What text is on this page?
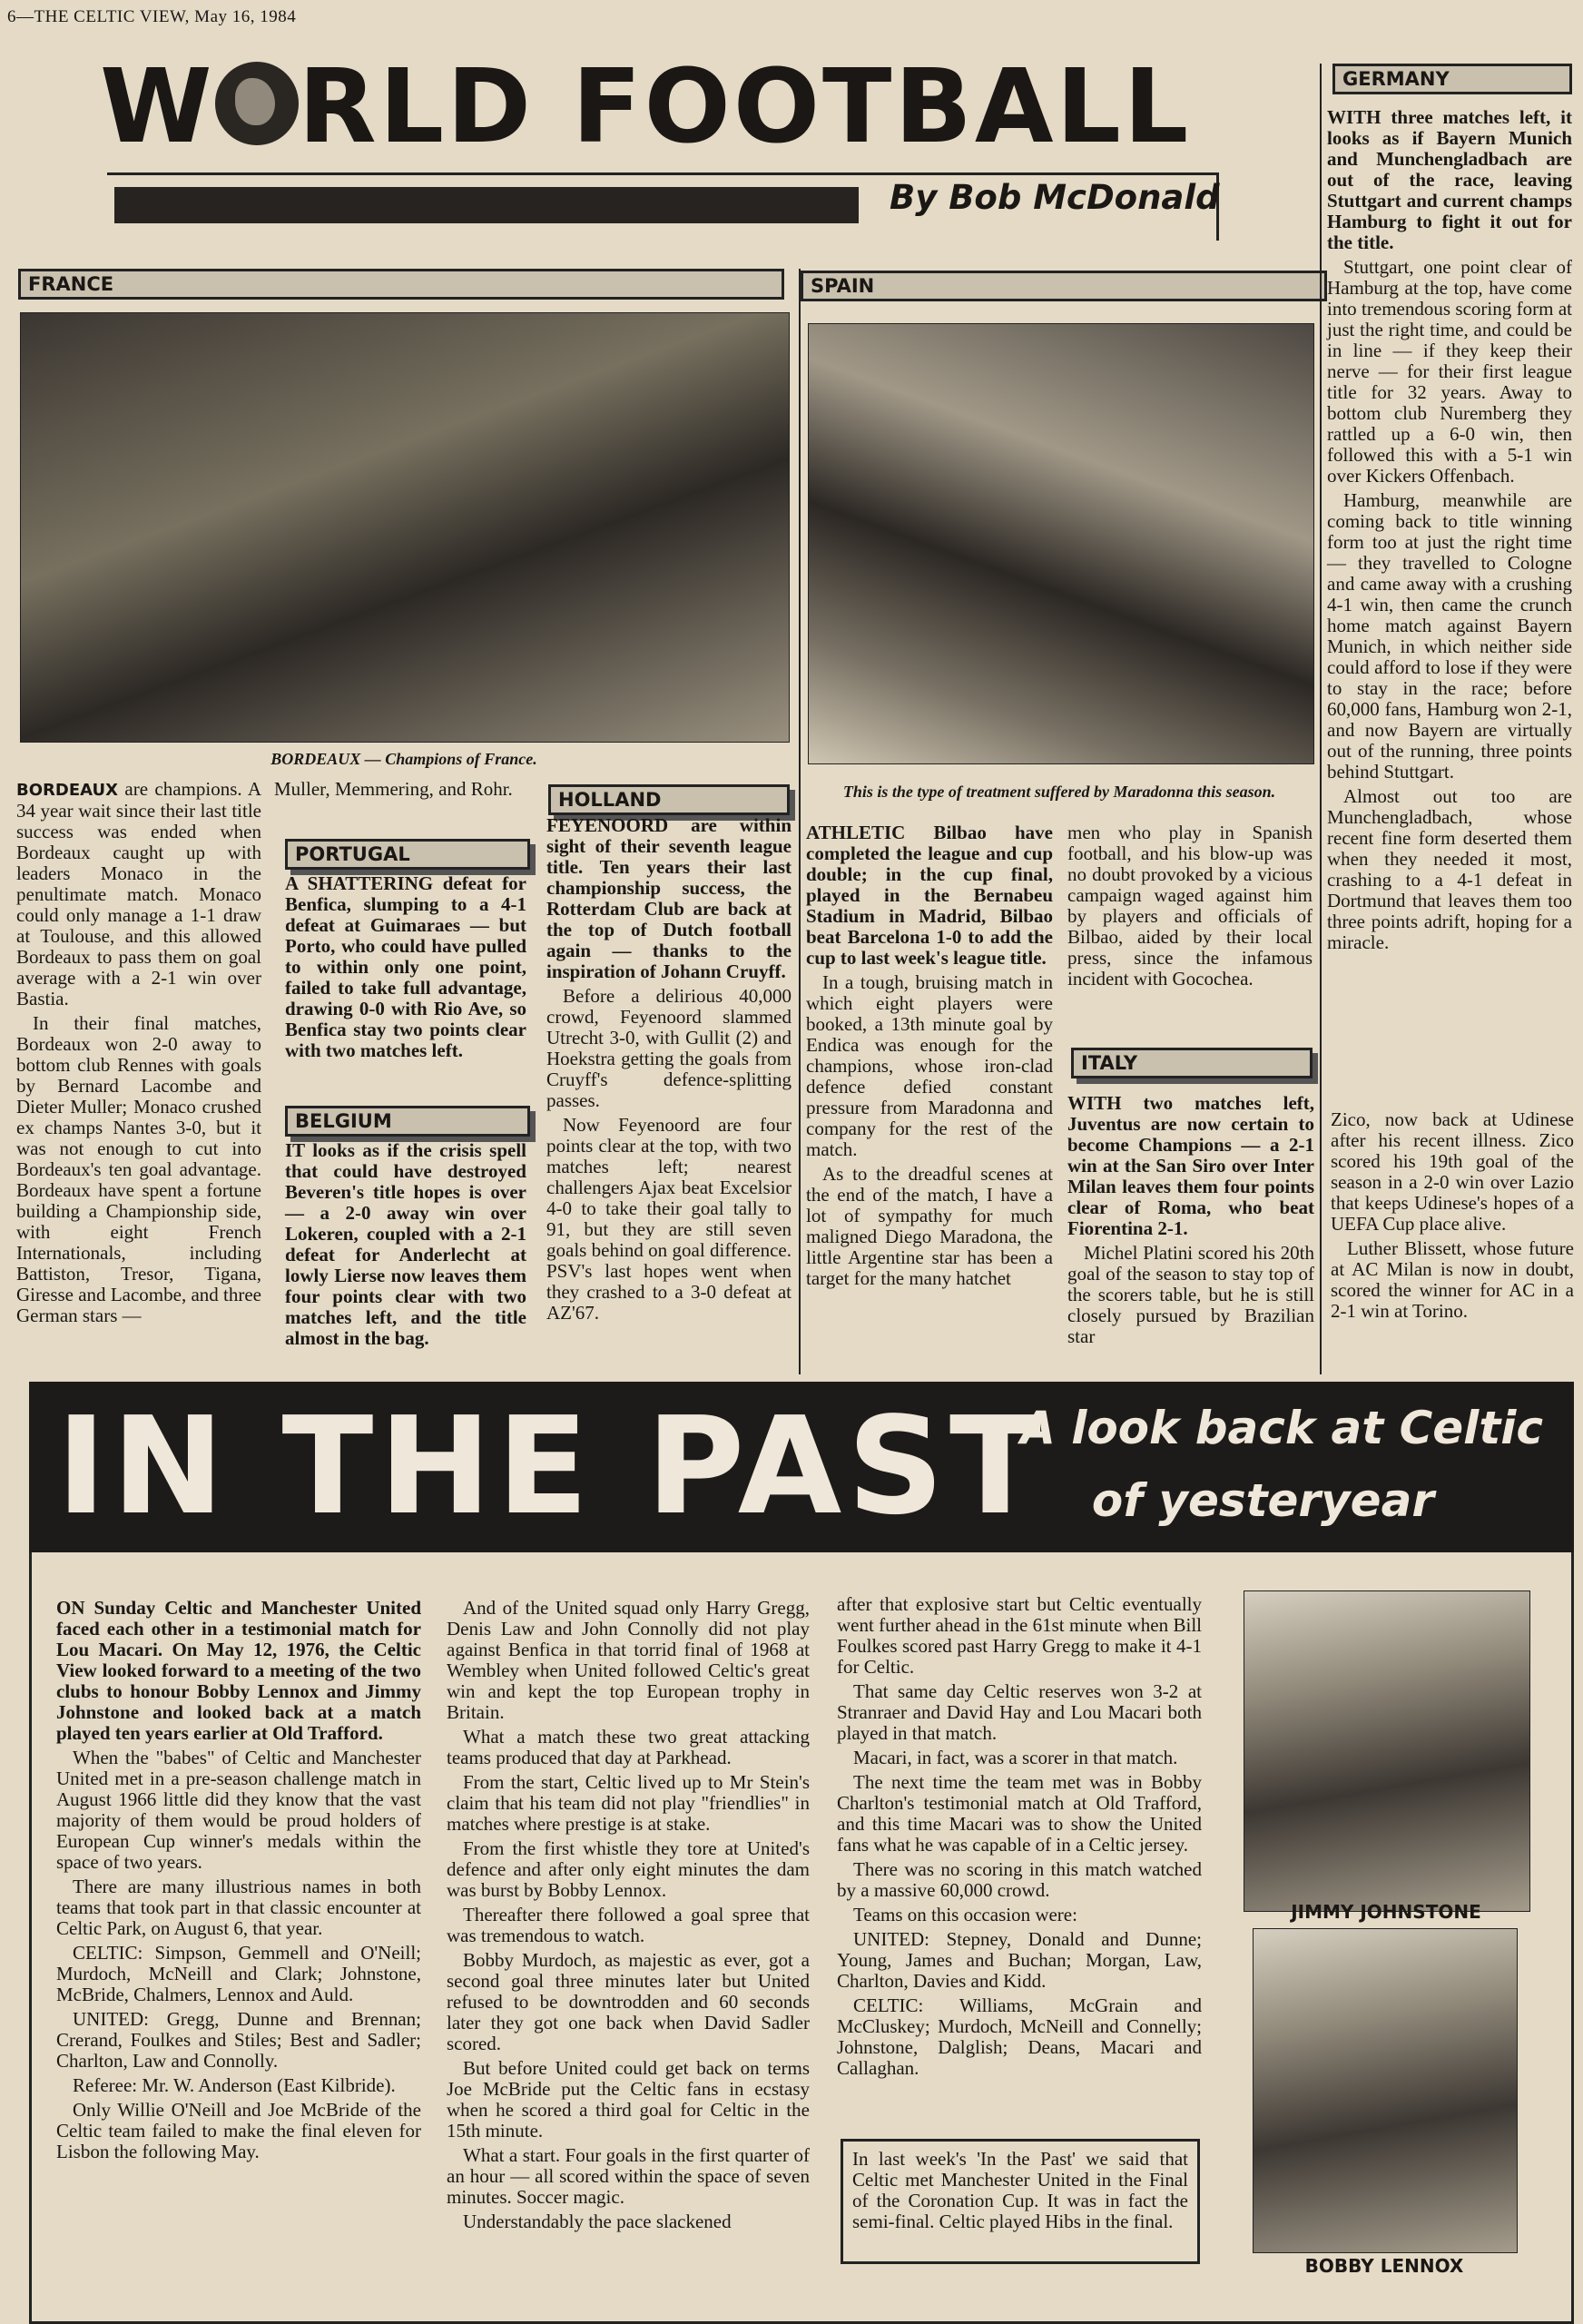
6—THE CELTIC VIEW, May 16, 1984
W RLD FOOTBALL
By Bob McDonald
FRANCE
BORDEAUX — Champions of France.

BORDEAUX are champions. A 34 year wait since their last title success was ended when Bordeaux caught up with leaders Monaco in the penultimate match. Monaco could only manage a 1-1 draw at Toulouse, and this allowed Bordeaux to pass them on goal average with a 2-1 win over Bastia.

In their final matches, Bordeaux won 2-0 away to bottom club Rennes with goals by Bernard Lacombe and Dieter Muller; Monaco crushed ex champs Nantes 3-0, but it was not enough to cut into Bordeaux's ten goal advantage. Bordeaux have spent a fortune building a Championship side, with eight French Internationals, including Battiston, Tresor, Tigana, Giresse and Lacombe, and three German stars —

Muller, Memmering, and Rohr.

PORTUGAL

A SHATTERING defeat for Benfica, slumping to a 4-1 defeat at Guimaraes — but Porto, who could have pulled to within only one point, failed to take full advantage, drawing 0-0 with Rio Ave, so Benfica stay two points clear with two matches left.

BELGIUM

IT looks as if the crisis spell that could have destroyed Beveren's title hopes is over — a 2-0 away win over Lokeren, coupled with a 2-1 defeat for Anderlecht at lowly Lierse now leaves them four points clear with two matches left, and the title almost in the bag.

HOLLAND

FEYENOORD are within sight of their seventh league title. Ten years their last championship success, the Rotterdam Club are back at the top of Dutch football again — thanks to the inspiration of Johann Cruyff.

Before a delirious 40,000 crowd, Feyenoord slammed Utrecht 3-0, with Gullit (2) and Hoekstra getting the goals from Cruyff's defence-splitting passes.

Now Feyenoord are four points clear at the top, with two matches left; nearest challengers Ajax beat Excelsior 4-0 to take their goal tally to 91, but they are still seven goals behind on goal difference. PSV's last hopes went when they crashed to a 3-0 defeat at AZ'67.

SPAIN
This is the type of treatment suffered by Maradonna this season.

ATHLETIC Bilbao have completed the league and cup double; in the cup final, played in the Bernabeu Stadium in Madrid, Bilbao beat Barcelona 1-0 to add the cup to last week's league title.

In a tough, bruising match in which eight players were booked, a 13th minute goal by Endica was enough for the champions, whose iron-clad defence defied constant pressure from Maradonna and company for the rest of the match.

As to the dreadful scenes at the end of the match, I have a lot of sympathy for much maligned Diego Maradona, the little Argentine star has been a target for the many hatchet

men who play in Spanish football, and his blow-up was no doubt provoked by a vicious campaign waged against him by players and officials of Bilbao, aided by their local press, since the infamous incident with Gocochea.

ITALY

WITH two matches left, Juventus are now certain to become Champions — a 2-1 win at the San Siro over Inter Milan leaves them four points clear of Roma, who beat Fiorentina 2-1.

Michel Platini scored his 20th goal of the season to stay top of the scorers table, but he is still closely pursued by Brazilian star

Zico, now back at Udinese after his recent illness. Zico scored his 19th goal of the season in a 2-0 win over Lazio that keeps Udinese's hopes of a UEFA Cup place alive.

Luther Blissett, whose future at AC Milan is now in doubt, scored the winner for AC in a 2-1 win at Torino.

GERMANY

WITH three matches left, it looks as if Bayern Munich and Munchengladbach are out of the race, leaving Stuttgart and current champs Hamburg to fight it out for the title.

Stuttgart, one point clear of Hamburg at the top, have come into tremendous scoring form at just the right time, and could be in line — if they keep their nerve — for their first league title for 32 years. Away to bottom club Nuremberg they rattled up a 6-0 win, then followed this with a 5-1 win over Kickers Offenbach.

Hamburg, meanwhile are coming back to title winning form too at just the right time — they travelled to Cologne and came away with a crushing 4-1 win, then came the crunch home match against Bayern Munich, in which neither side could afford to lose if they were to stay in the race; before 60,000 fans, Hamburg won 2-1, and now Bayern are virtually out of the running, three points behind Stuttgart.

Almost out too are Munchengladbach, whose recent fine form deserted them when they needed it most, crashing to a 4-1 defeat in Dortmund that leaves them too three points adrift, hoping for a miracle.

IN THE PAST
A look back at Celtic
of yesteryear

ON Sunday Celtic and Manchester United faced each other in a testimonial match for Lou Macari. On May 12, 1976, the Celtic View looked forward to a meeting of the two clubs to honour Bobby Lennox and Jimmy Johnstone and looked back at a match played ten years earlier at Old Trafford.

When the "babes" of Celtic and Manchester United met in a pre-season challenge match in August 1966 little did they know that the vast majority of them would be proud holders of European Cup winner's medals within the space of two years.

There are many illustrious names in both teams that took part in that classic encounter at Celtic Park, on August 6, that year.

CELTIC: Simpson, Gemmell and O'Neill; Murdoch, McNeill and Clark; Johnstone, McBride, Chalmers, Lennox and Auld.

UNITED: Gregg, Dunne and Brennan; Crerand, Foulkes and Stiles; Best and Sadler; Charlton, Law and Connolly.

Referee: Mr. W. Anderson (East Kilbride).

Only Willie O'Neill and Joe McBride of the Celtic team failed to make the final eleven for Lisbon the following May.

And of the United squad only Harry Gregg, Denis Law and John Connolly did not play against Benfica in that torrid final of 1968 at Wembley when United followed Celtic's great win and kept the top European trophy in Britain.

What a match these two great attacking teams produced that day at Parkhead.

From the start, Celtic lived up to Mr Stein's claim that his team did not play "friendlies" in matches where prestige is at stake.

From the first whistle they tore at United's defence and after only eight minutes the dam was burst by Bobby Lennox.

Thereafter there followed a goal spree that was tremendous to watch.

Bobby Murdoch, as majestic as ever, got a second goal three minutes later but United refused to be downtrodden and 60 seconds later they got one back when David Sadler scored.

But before United could get back on terms Joe McBride put the Celtic fans in ecstasy when he scored a third goal for Celtic in the 15th minute.

What a start. Four goals in the first quarter of an hour — all scored within the space of seven minutes. Soccer magic.

Understandably the pace slackened

after that explosive start but Celtic eventually went further ahead in the 61st minute when Bill Foulkes scored past Harry Gregg to make it 4-1 for Celtic.

That same day Celtic reserves won 3-2 at Stranraer and David Hay and Lou Macari both played in that match.

Macari, in fact, was a scorer in that match.

The next time the team met was in Bobby Charlton's testimonial match at Old Trafford, and this time Macari was to show the United fans what he was capable of in a Celtic jersey.

There was no scoring in this match watched by a massive 60,000 crowd.

Teams on this occasion were:

UNITED: Stepney, Donald and Dunne; Young, James and Buchan; Morgan, Law, Charlton, Davies and Kidd.

CELTIC: Williams, McGrain and McCluskey; Murdoch, McNeill and Connelly; Johnstone, Dalglish; Deans, Macari and Callaghan.

In last week's 'In the Past' we said that Celtic met Manchester United in the Final of the Coronation Cup. It was in fact the semi-final. Celtic played Hibs in the final.
JIMMY JOHNSTONE
BOBBY LENNOX
